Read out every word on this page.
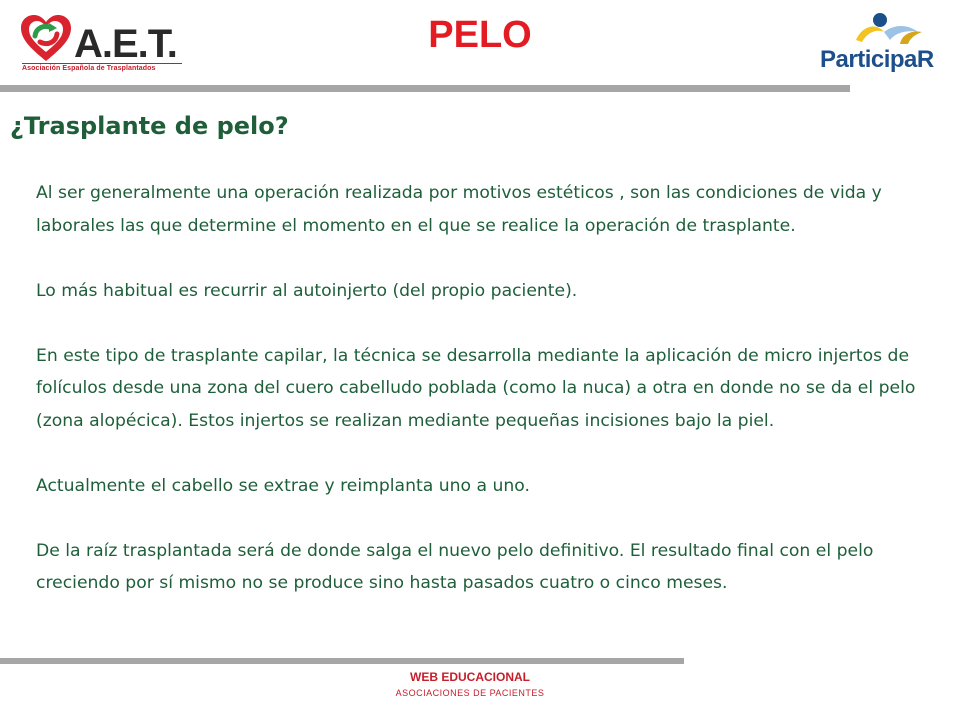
A.E.T.
Asociación Española de Trasplantados
PELO
ParticipaR
¿Trasplante de pelo?

Al ser generalmente una operación realizada por motivos estéticos , son las condiciones de vida y laborales las que determine el momento en el que se realice la operación de trasplante.

Lo más habitual es recurrir al autoinjerto (del propio paciente).

En este tipo de trasplante capilar, la técnica se desarrolla mediante la aplicación de micro injertos de folículos desde una zona del cuero cabelludo poblada (como la nuca) a otra en donde no se da el pelo (zona alopécica). Estos injertos se realizan mediante pequeñas incisiones bajo la piel.

Actualmente el cabello se extrae y reimplanta uno a uno.

De la raíz trasplantada será de donde salga el nuevo pelo definitivo. El resultado final con el pelo creciendo por sí mismo no se produce sino hasta pasados cuatro o cinco meses.

WEB EDUCACIONAL
ASOCIACIONES DE PACIENTES
